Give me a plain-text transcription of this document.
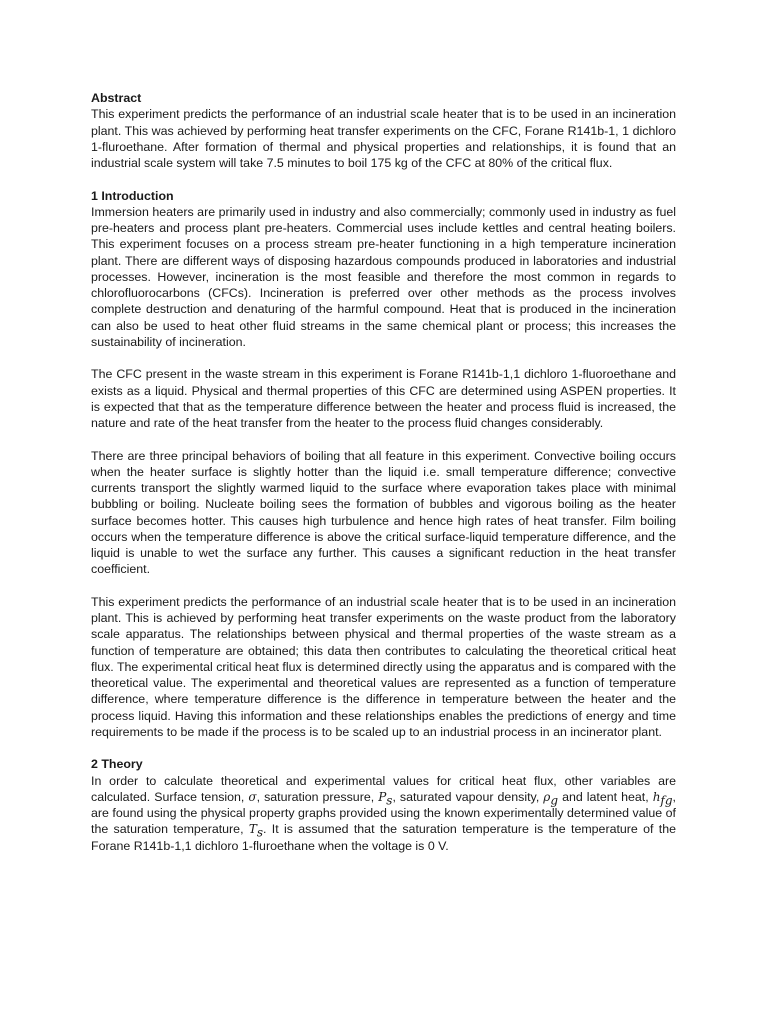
Abstract

This experiment predicts the performance of an industrial scale heater that is to be used in an incineration plant. This was achieved by performing heat transfer experiments on the CFC, Forane R141b-1, 1 dichloro 1-fluroethane. After formation of thermal and physical properties and relationships, it is found that an industrial scale system will take 7.5 minutes to boil 175 kg of the CFC at 80% of the critical flux.

1 Introduction

Immersion heaters are primarily used in industry and also commercially; commonly used in industry as fuel pre-heaters and process plant pre-heaters. Commercial uses include kettles and central heating boilers. This experiment focuses on a process stream pre-heater functioning in a high temperature incineration plant. There are different ways of disposing hazardous compounds produced in laboratories and industrial processes. However, incineration is the most feasible and therefore the most common in regards to chlorofluorocarbons (CFCs). Incineration is preferred over other methods as the process involves complete destruction and denaturing of the harmful compound. Heat that is produced in the incineration can also be used to heat other fluid streams in the same chemical plant or process; this increases the sustainability of incineration.

The CFC present in the waste stream in this experiment is Forane R141b-1,1 dichloro 1-fluoroethane and exists as a liquid. Physical and thermal properties of this CFC are determined using ASPEN properties. It is expected that that as the temperature difference between the heater and process fluid is increased, the nature and rate of the heat transfer from the heater to the process fluid changes considerably.

There are three principal behaviors of boiling that all feature in this experiment. Convective boiling occurs when the heater surface is slightly hotter than the liquid i.e. small temperature difference; convective currents transport the slightly warmed liquid to the surface where evaporation takes place with minimal bubbling or boiling. Nucleate boiling sees the formation of bubbles and vigorous boiling as the heater surface becomes hotter. This causes high turbulence and hence high rates of heat transfer. Film boiling occurs when the temperature difference is above the critical surface-liquid temperature difference, and the liquid is unable to wet the surface any further. This causes a significant reduction in the heat transfer coefficient.

This experiment predicts the performance of an industrial scale heater that is to be used in an incineration plant. This is achieved by performing heat transfer experiments on the waste product from the laboratory scale apparatus. The relationships between physical and thermal properties of the waste stream as a function of temperature are obtained; this data then contributes to calculating the theoretical critical heat flux. The experimental critical heat flux is determined directly using the apparatus and is compared with the theoretical value. The experimental and theoretical values are represented as a function of temperature difference, where temperature difference is the difference in temperature between the heater and the process liquid. Having this information and these relationships enables the predictions of energy and time requirements to be made if the process is to be scaled up to an industrial process in an incinerator plant.

2 Theory

In order to calculate theoretical and experimental values for critical heat flux, other variables are calculated. Surface tension, σ, saturation pressure, $P_s$, saturated vapour density, $\rho_g$ and latent heat, $h_{fg}$, are found using the physical property graphs provided using the known experimentally determined value of the saturation temperature, $T_s$. It is assumed that the saturation temperature is the temperature of the Forane R141b-1,1 dichloro 1-fluroethane when the voltage is 0 V.
